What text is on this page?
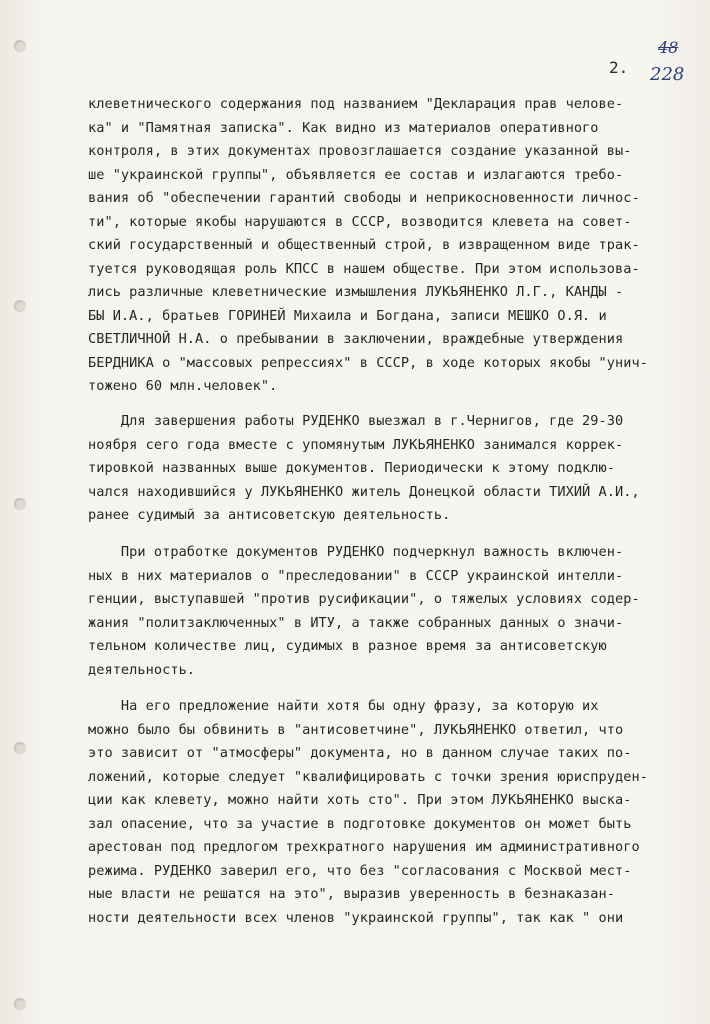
2.
48
228
клеветнического содержания под названием "Декларация прав челове-
ка" и "Памятная записка". Как видно из материалов оперативного
контроля, в этих документах провозглашается создание указанной вы-
ше "украинской группы", объявляется ее состав и излагаются требо-
вания об "обеспечении гарантий свободы и неприкосновенности личнос-
ти", которые якобы нарушаются в СССР, возводится клевета на совет-
ский государственный и общественный строй, в извращенном виде трак-
туется руководящая роль КПСС в нашем обществе. При этом использова-
лись различные клеветнические измышления ЛУКЬЯНЕНКО Л.Г., КАНДЫ -
БЫ И.А., братьев ГОРИНЕЙ Михаила и Богдана, записи МЕШКО О.Я. и
СВЕТЛИЧНОЙ Н.А. о пребывании в заключении, враждебные утверждения
БЕРДНИКА о "массовых репрессиях" в СССР, в ходе которых якобы "унич-
тожено 60 млн.человек".
Для завершения работы РУДЕНКО выезжал в г.Чернигов, где 29-30
ноября сего года вместе с упомянутым ЛУКЬЯНЕНКО занимался коррек-
тировкой названных выше документов. Периодически к этому подклю-
чался находившийся у ЛУКЬЯНЕНКО житель Донецкой области ТИХИЙ А.И.,
ранее судимый за антисоветскую деятельность.
При отработке документов РУДЕНКО подчеркнул важность включен-
ных в них материалов о "преследовании" в СССР украинской интелли-
генции, выступавшей "против русификации", о тяжелых условиях содер-
жания "политзаключенных" в ИТУ, а также собранных данных о значи-
тельном количестве лиц, судимых в разное время за антисоветскую
деятельность.
На его предложение найти хотя бы одну фразу, за которую их
можно было бы обвинить в "антисоветчине", ЛУКЬЯНЕНКО ответил, что
это зависит от "атмосферы" документа, но в данном случае таких по-
ложений, которые следует "квалифицировать с точки зрения юриспруден-
ции как клевету, можно найти хоть сто". При этом ЛУКЬЯНЕНКО выска-
зал опасение, что за участие в подготовке документов он может быть
арестован под предлогом трехкратного нарушения им административного
режима. РУДЕНКО заверил его, что без "согласования с Москвой мест-
ные власти не решатся на это", выразив уверенность в безнаказан-
ности деятельности всех членов "украинской группы", так как " они
